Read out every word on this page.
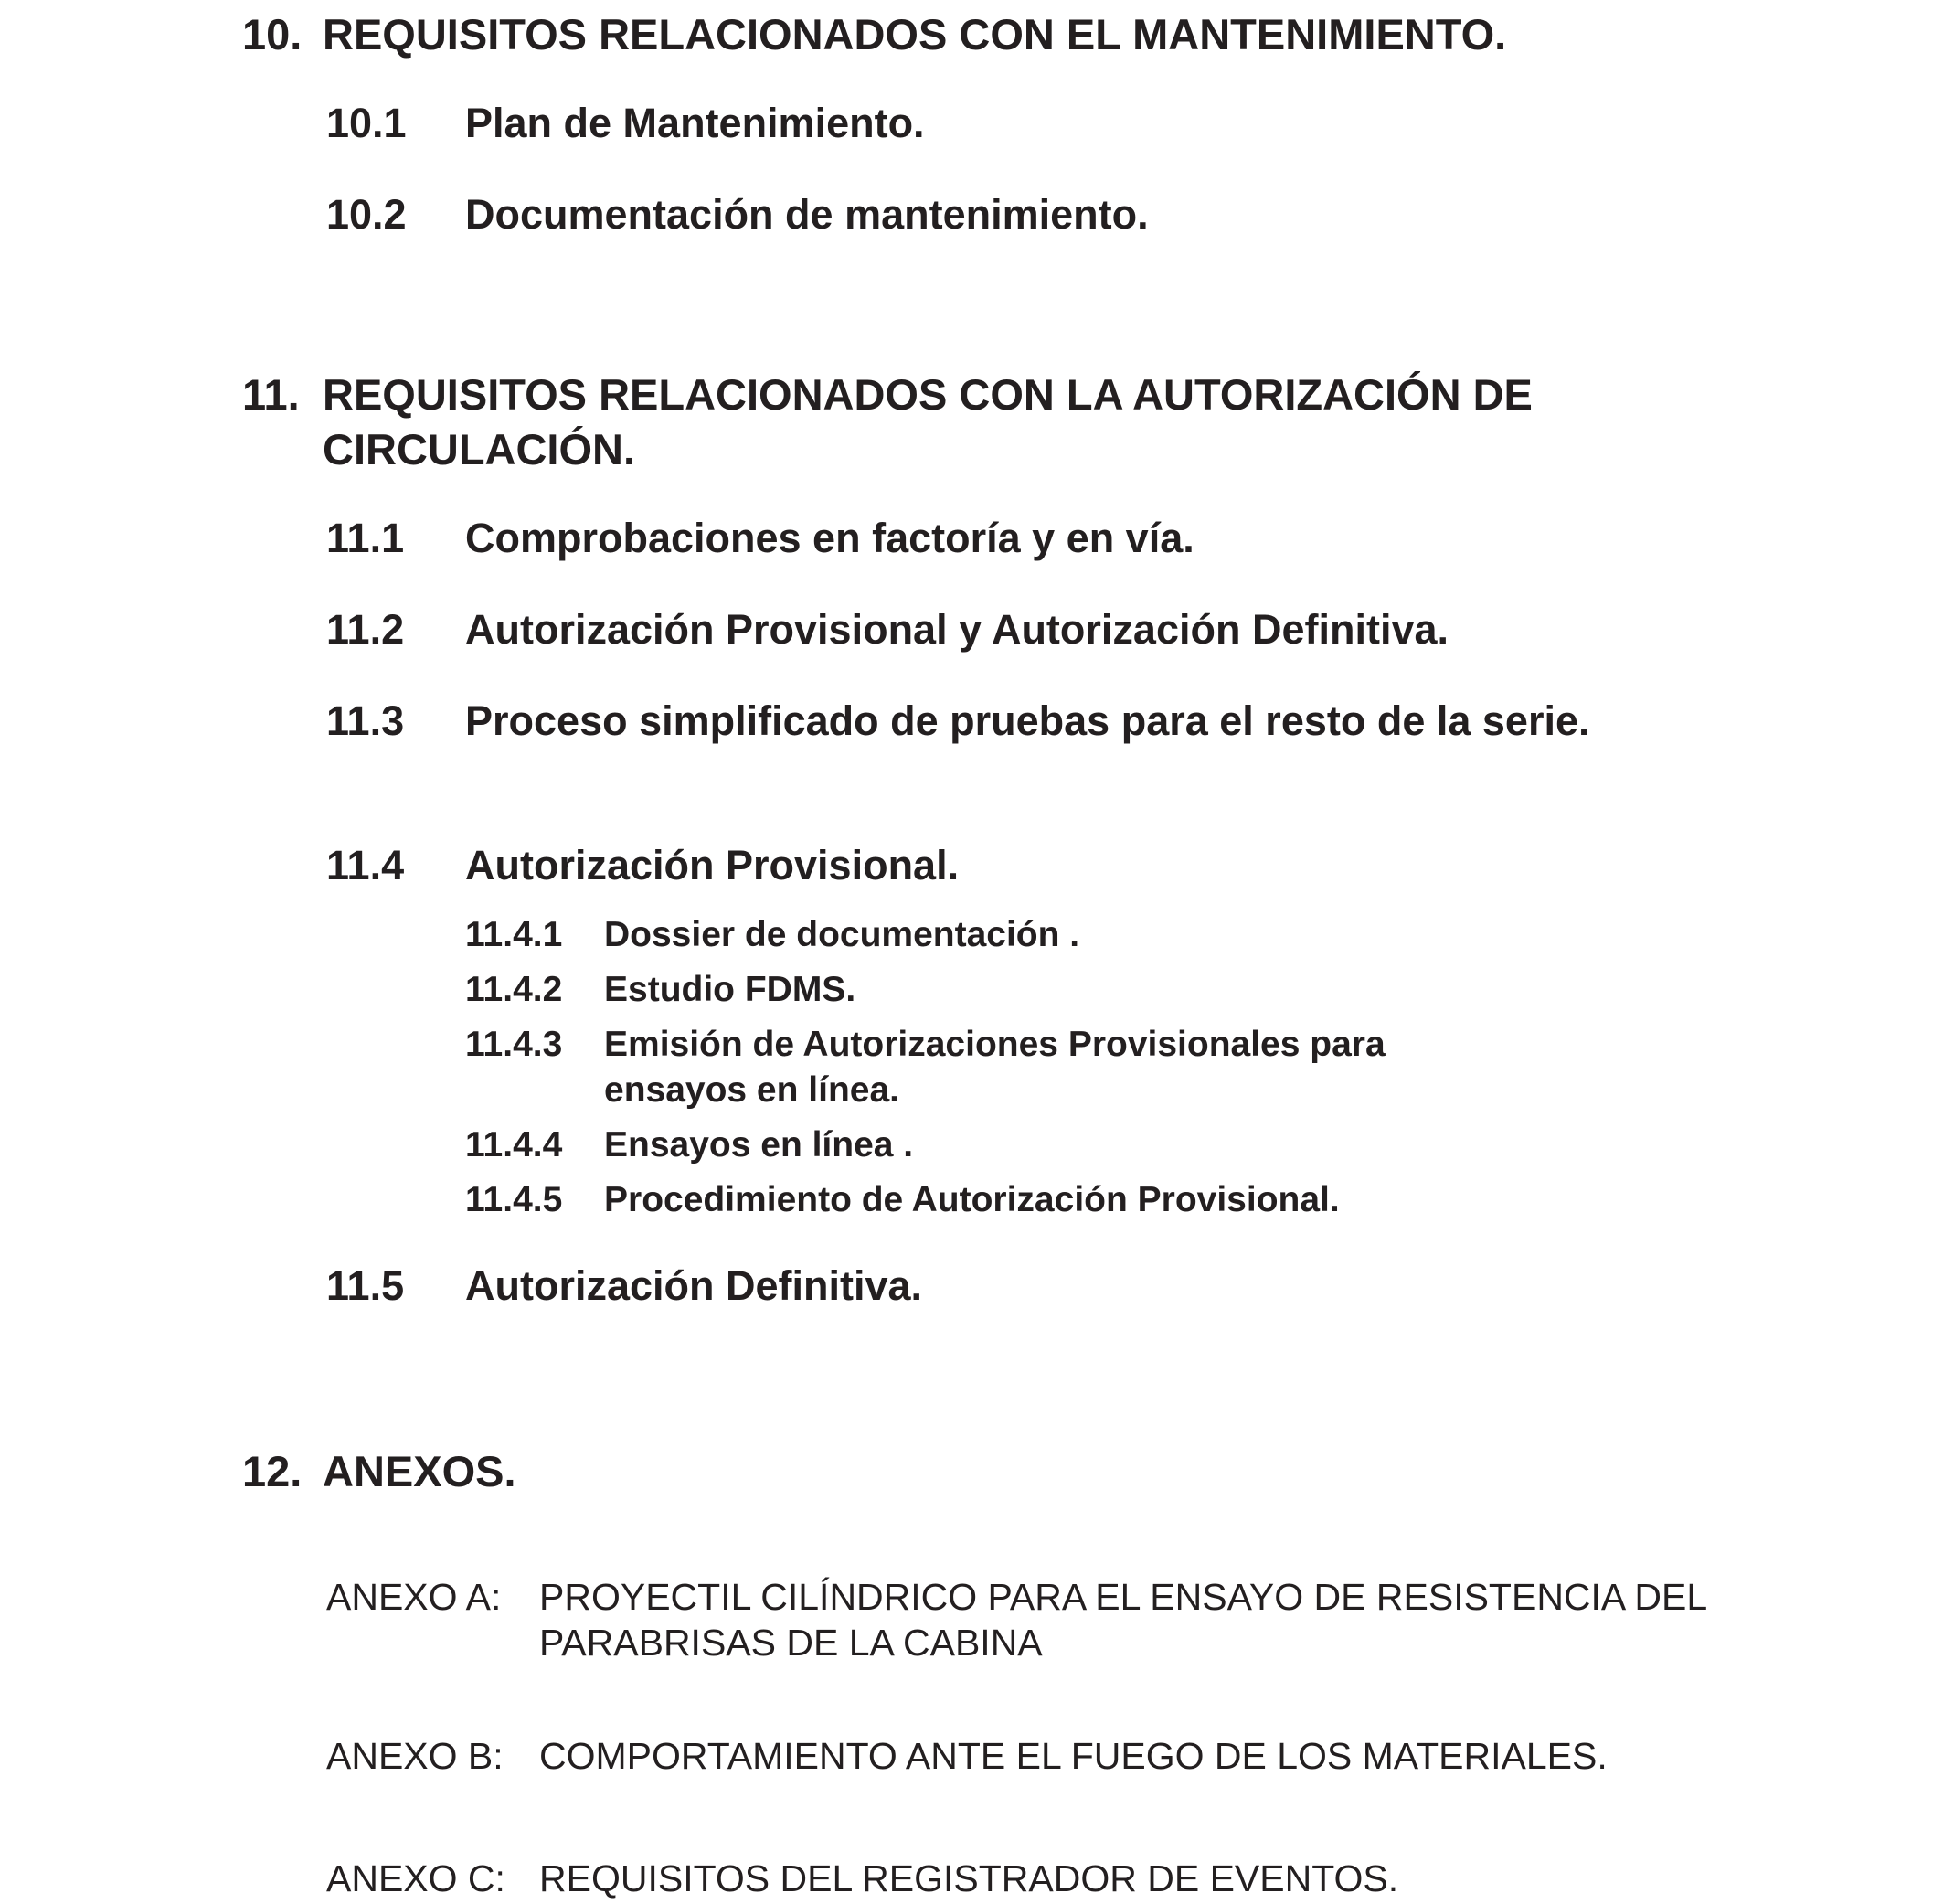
10. REQUISITOS RELACIONADOS CON EL MANTENIMIENTO.
10.1	Plan de Mantenimiento.
10.2	Documentación de mantenimiento.
11. REQUISITOS RELACIONADOS CON LA AUTORIZACIÓN DE CIRCULACIÓN.
11.1	Comprobaciones en factoría y en vía.
11.2	Autorización Provisional y Autorización Definitiva.
11.3	Proceso simplificado de pruebas para el resto de la serie.
11.4	Autorización Provisional.
11.4.1	Dossier de documentación .
11.4.2	Estudio FDMS.
11.4.3	Emisión de Autorizaciones Provisionales para ensayos en línea.
11.4.4	Ensayos en línea .
11.4.5	Procedimiento de Autorización Provisional.
11.5	Autorización Definitiva.
12. ANEXOS.
ANEXO A:	PROYECTIL CILÍNDRICO PARA EL ENSAYO DE RESISTENCIA DEL PARABRISAS DE LA CABINA
ANEXO B: COMPORTAMIENTO ANTE EL FUEGO DE LOS MATERIALES.
ANEXO C: REQUISITOS DEL REGISTRADOR DE EVENTOS.
